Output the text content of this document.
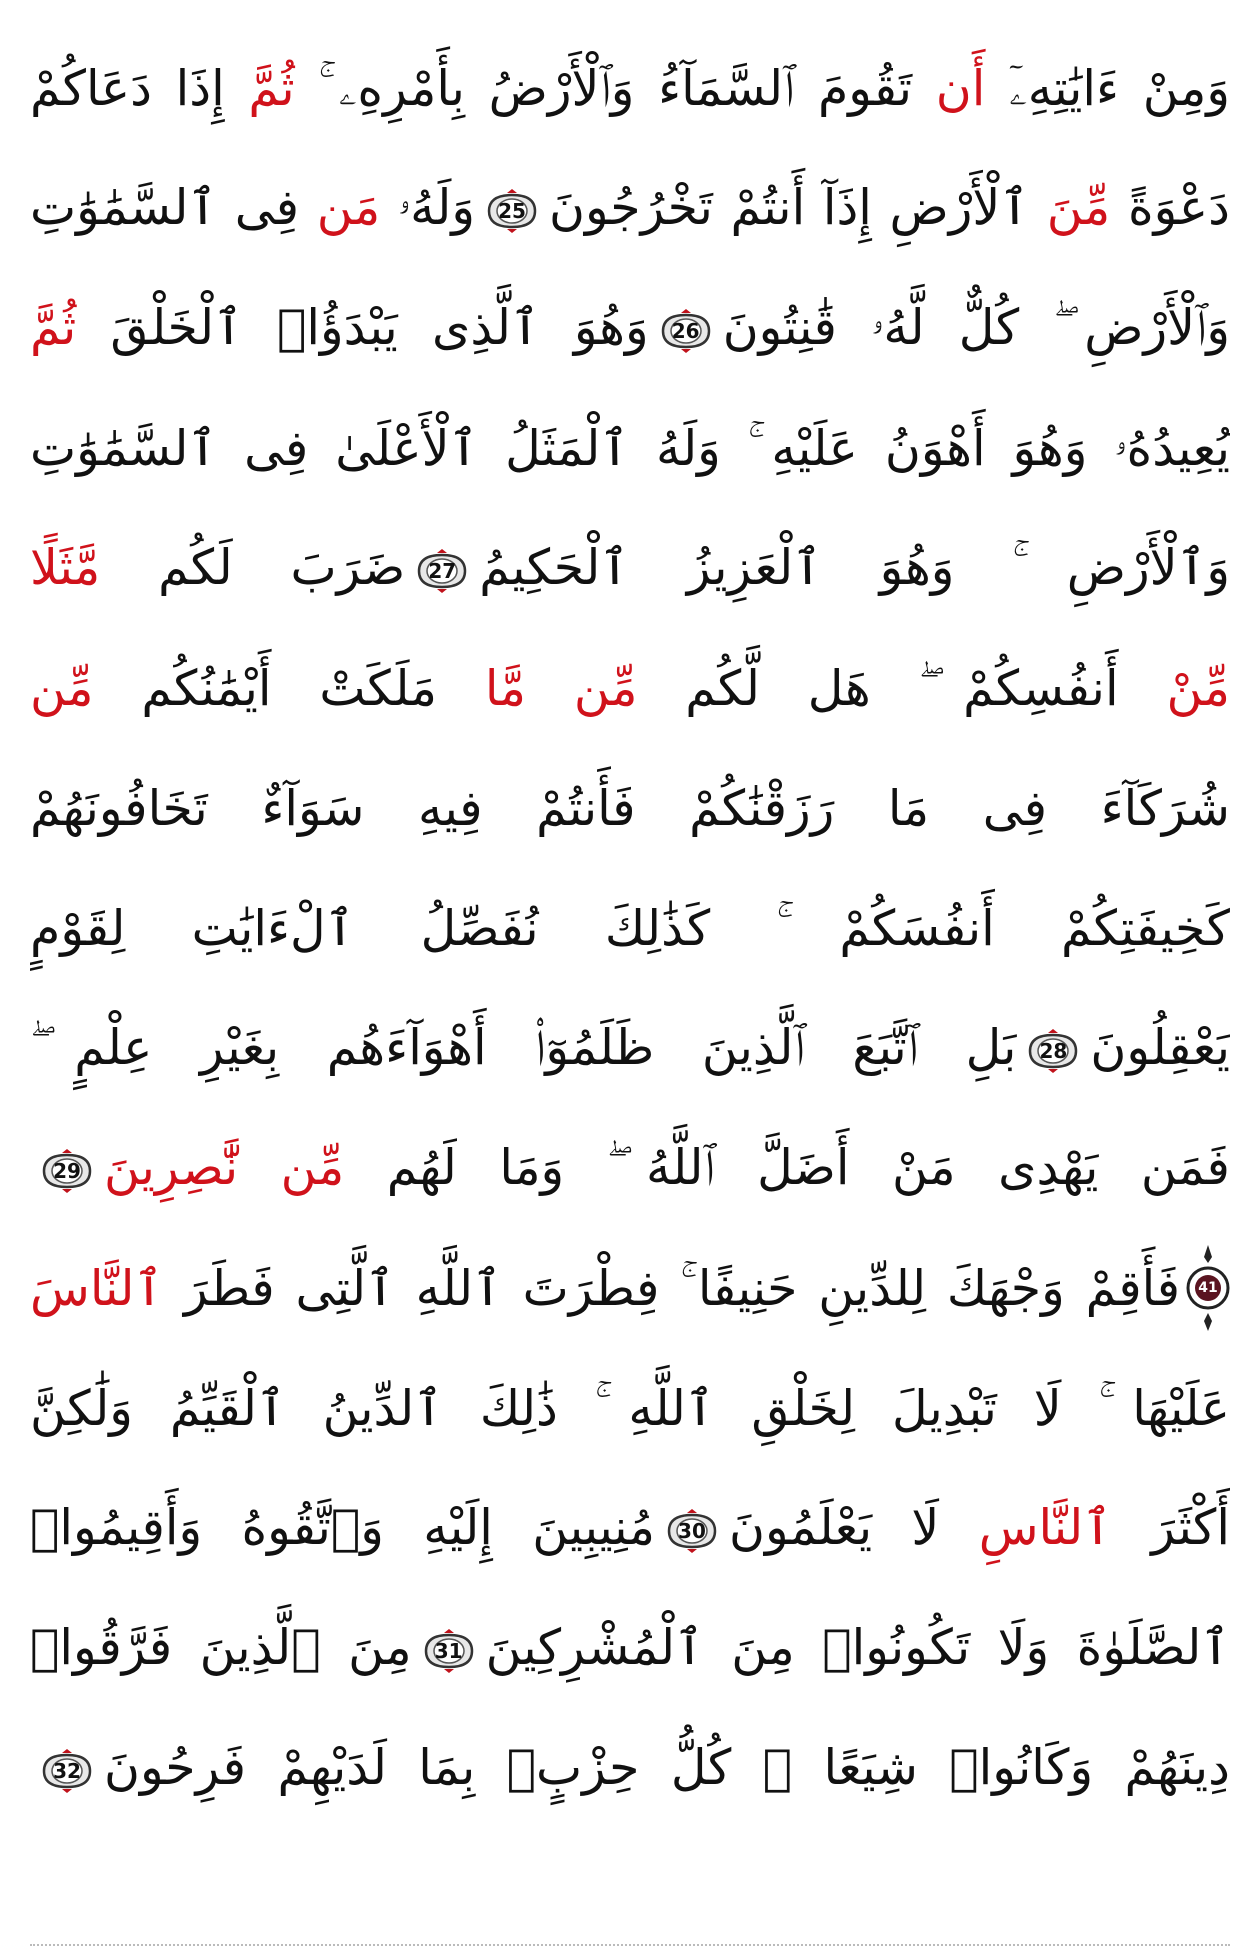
وَمِنْ ءَايَٰتِهِۦٓ أَن تَقُومَ ٱلسَّمَآءُ وَٱلْأَرْضُ بِأَمْرِهِۦ ۚ ثُمَّ إِذَا دَعَاكُمْ
دَعْوَةً مِّنَ ٱلْأَرْضِ إِذَآ أَنتُمْ تَخْرُجُونَ
25
وَلَهُۥ مَن فِى ٱلسَّمَٰوَٰتِ
وَٱلْأَرْضِ ۖ كُلٌّ لَّهُۥ قَٰنِتُونَ
26
وَهُوَ ٱلَّذِى يَبْدَؤُا۟ ٱلْخَلْقَ ثُمَّ
يُعِيدُهُۥ وَهُوَ أَهْوَنُ عَلَيْهِ ۚ وَلَهُ ٱلْمَثَلُ ٱلْأَعْلَىٰ فِى ٱلسَّمَٰوَٰتِ
وَٱلْأَرْضِ ۚ وَهُوَ ٱلْعَزِيزُ ٱلْحَكِيمُ
27
ضَرَبَ لَكُم مَّثَلًا
مِّنْ أَنفُسِكُمْ ۖ هَل لَّكُم مِّن مَّا مَلَكَتْ أَيْمَٰنُكُم مِّن
شُرَكَآءَ فِى مَا رَزَقْنَٰكُمْ فَأَنتُمْ فِيهِ سَوَآءٌ تَخَافُونَهُمْ
كَخِيفَتِكُمْ أَنفُسَكُمْ ۚ كَذَٰلِكَ نُفَصِّلُ ٱلْءَايَٰتِ لِقَوْمٍ
يَعْقِلُونَ
28
بَلِ ٱتَّبَعَ ٱلَّذِينَ ظَلَمُوٓا۟ أَهْوَآءَهُم بِغَيْرِ عِلْمٍ ۖ
فَمَن يَهْدِى مَنْ أَضَلَّ ٱللَّهُ ۖ وَمَا لَهُم مِّن نَّٰصِرِينَ
29
41
فَأَقِمْ وَجْهَكَ لِلدِّينِ حَنِيفًا ۚ فِطْرَتَ ٱللَّهِ ٱلَّتِى فَطَرَ ٱلنَّاسَ
عَلَيْهَا ۚ لَا تَبْدِيلَ لِخَلْقِ ٱللَّهِ ۚ ذَٰلِكَ ٱلدِّينُ ٱلْقَيِّمُ وَلَٰكِنَّ
أَكْثَرَ ٱلنَّاسِ لَا يَعْلَمُونَ
30
مُنِيبِينَ إِلَيْهِ وَٱتَّقُوهُ وَأَقِيمُوا۟
ٱلصَّلَوٰةَ وَلَا تَكُونُوا۟ مِنَ ٱلْمُشْرِكِينَ
31
مِنَ ٱلَّذِينَ فَرَّقُوا۟
دِينَهُمْ وَكَانُوا۟ شِيَعًا ۖ كُلُّ حِزْبٍۭ بِمَا لَدَيْهِمْ فَرِحُونَ
32
